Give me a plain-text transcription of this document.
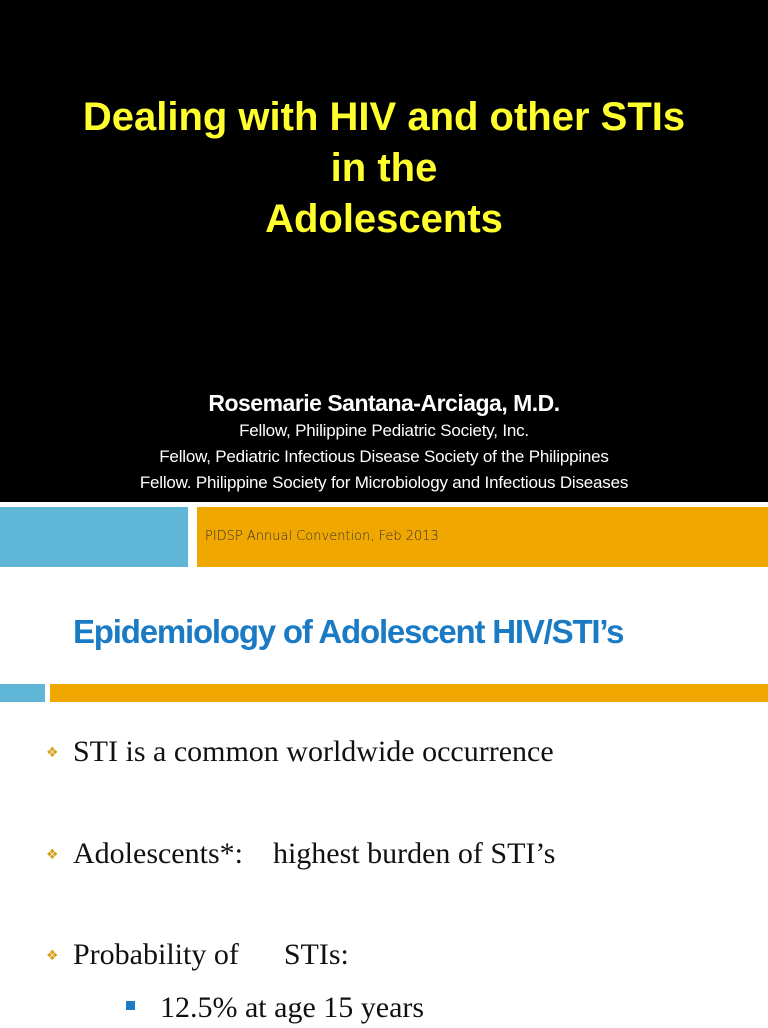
Dealing with HIV and other STIs
in the
Adolescents
Rosemarie Santana-Arciaga, M.D.
Fellow, Philippine Pediatric Society, Inc.
Fellow, Pediatric Infectious Disease Society of the Philippines
Fellow. Philippine Society for Microbiology and Infectious Diseases
PIDSP Annual Convention, Feb 2013
Epidemiology of Adolescent HIV/STI’s
❖ STI is a common worldwide occurrence
❖ Adolescents*:    highest burden of STI’s
❖ Probability of      STIs:
12.5% at age 15 years
